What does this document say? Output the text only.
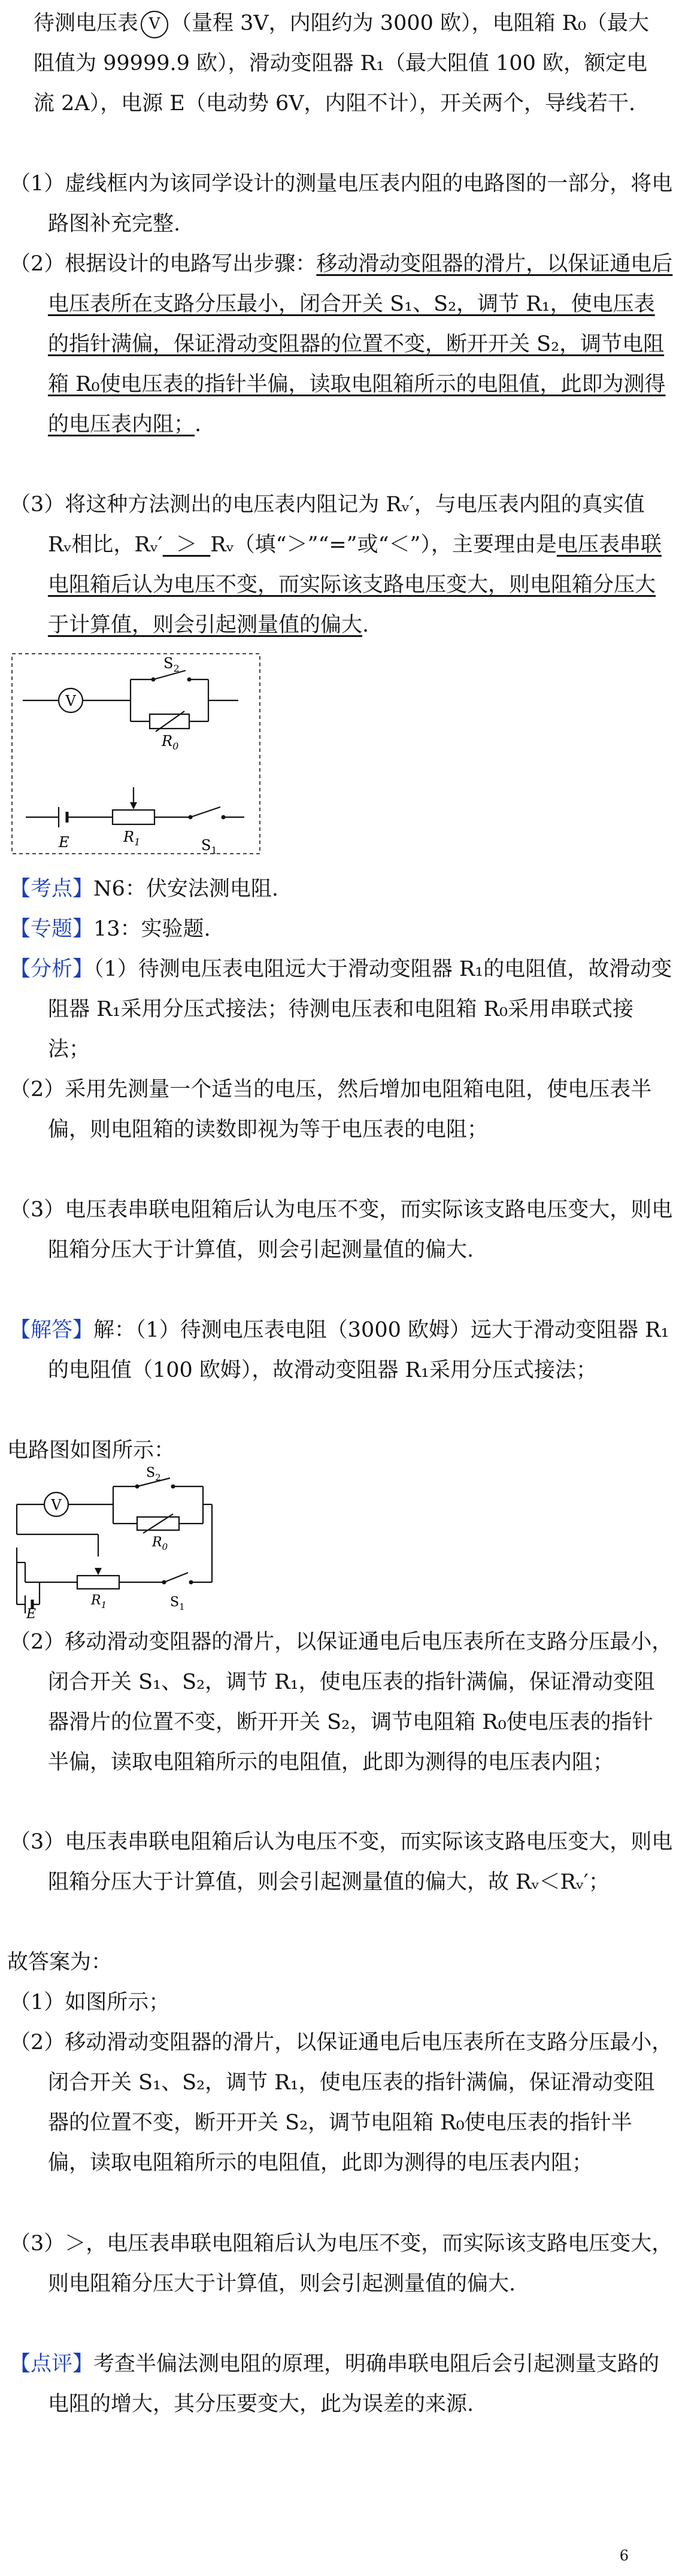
待测电压表 V （量程 3V，内阻约为 3000 欧），电阻箱 R₀（最大阻值为 99999.9 欧），滑动变阻器 R₁（最大阻值 100 欧，额定电流 2A），电源 E（电动势 6V，内阻不计），开关两个，导线若干.
（1）虚线框内为该同学设计的测量电压表内阻的电路图的一部分，将电路图补充完整.
（2）根据设计的电路写出步骤：移动滑动变阻器的滑片，以保证通电后电压表所在支路分压最小，闭合开关 S₁、S₂，调节 R₁，使电压表的指针满偏，保证滑动变阻器的位置不变，断开开关 S₂，调节电阻箱 R₀使电压表的指针半偏，读取电阻箱所示的电阻值，此即为测得的电压表内阻；.
（3）将这种方法测出的电压表内阻记为 Rᵥ′，与电压表内阻的真实值 Rᵥ相比，Rᵥ′ ＞ Rᵥ（填“＞”“=”或“＜”），主要理由是电压表串联电阻箱后认为电压不变，而实际该支路电压变大，则电阻箱分压大于计算值，则会引起测量值的偏大.
V
$S_2$
$R_0$
$R_1$
E	$S_1$
【考点】N6：伏安法测电阻.
【专题】13：实验题.
【分析】（1）待测电压表电阻远大于滑动变阻器 R₁的电阻值，故滑动变阻器 R₁采用分压式接法；待测电压表和电阻箱 R₀采用串联式接法；
（2）采用先测量一个适当的电压，然后增加电阻箱电阻，使电压表半偏，则电阻箱的读数即视为等于电压表的电阻；
（3）电压表串联电阻箱后认为电压不变，而实际该支路电压变大，则电阻箱分压大于计算值，则会引起测量值的偏大.
【解答】解：（1）待测电压表电阻（3000 欧姆）远大于滑动变阻器 R₁的电阻值（100 欧姆），故滑动变阻器 R₁采用分压式接法；
电路图如图所示：
V
$S_2$
$R_0$
$R_1$
E
$S_1$
（2）移动滑动变阻器的滑片，以保证通电后电压表所在支路分压最小，闭合开关 S₁、S₂，调节 R₁，使电压表的指针满偏，保证滑动变阻器滑片的位置不变，断开开关 S₂，调节电阻箱 R₀使电压表的指针半偏，读取电阻箱所示的电阻值，此即为测得的电压表内阻；
（3）电压表串联电阻箱后认为电压不变，而实际该支路电压变大，则电阻箱分压大于计算值，则会引起测量值的偏大，故 Rᵥ＜Rᵥ′；
故答案为：
（1）如图所示；
（2）移动滑动变阻器的滑片，以保证通电后电压表所在支路分压最小，闭合开关 S₁、S₂，调节 R₁，使电压表的指针满偏，保证滑动变阻器的位置不变，断开开关 S₂，调节电阻箱 R₀使电压表的指针半偏，读取电阻箱所示的电阻值，此即为测得的电压表内阻；
（3）＞，电压表串联电阻箱后认为电压不变，而实际该支路电压变大，则电阻箱分压大于计算值，则会引起测量值的偏大.
【点评】考查半偏法测电阻的原理，明确串联电阻后会引起测量支路的电阻的增大，其分压要变大，此为误差的来源.
6
